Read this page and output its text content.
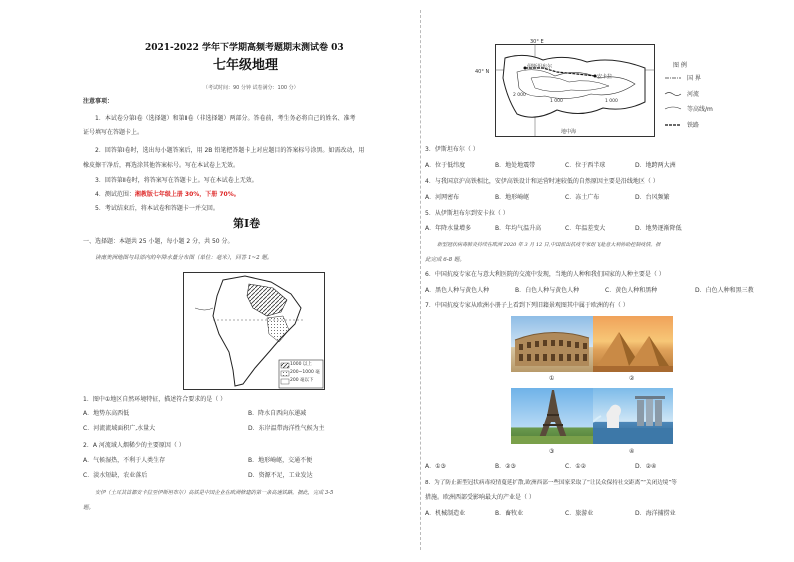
2021-2022 学年下学期高频考题期末测试卷 03
七年级地理
（考试时间：90 分钟 试卷满分：100 分）
注意事项：
1．本试卷分第Ⅰ卷（选择题）和第Ⅱ卷（非选择题）两部分。答卷前，考生务必将自己的姓名、准考
证号填写在答题卡上。
2．回答第Ⅰ卷时，选出每小题答案后，用 2B 铅笔把答题卡上对应题目的答案标号涂黑。如需改动，用
橡皮擦干净后，再选涂其他答案标号。写在本试卷上无效。
3．回答第Ⅱ卷时，将答案写在答题卡上。写在本试卷上无效。
4．测试范围：湘教版七年级上册 30%，下册 70%。
5．考试结束后，将本试卷和答题卡一并交回。
第Ⅰ卷
一、选择题：本题共 25 小题，每小题 2 分，共 50 分。
读南美洲地图与局部内的年降水量分布图（单位：毫米），回答 1~2 题。
1000 以上
200~1000 毫
200 毫以下
1．图中①地区自然环境特征，描述符合要求的是（ ）
A．地势东高西低	B．降水自西向东递减
C．河流流域面积广,水量大	D．东岸温带海洋性气候为主
2．A 河流域人烟稀少的主要原因（ ）
A．气候湿热，不利于人类生存	B．地形崎岖，交通不便
C．淡水短缺，农业落后	D．资源不足，工业发达
安伊（土耳其首都安卡拉至伊斯坦布尔）高铁是中国企业在欧洲修建的第一条高速铁路。据此，完成 3-5
题。
30° E
40° N
伊斯坦布尔
安卡拉
2 000
1 000	1 000
地中海
图 例
国 界
河流
等高线/m
铁路
3．伊斯坦布尔（ ）
A．位于低纬度	B．地处地震带	C．位于西半球	D．地跨两大洲
4．与我国京沪高铁相比，安伊高铁设计和运营时速较低的自然原因主要是沿线地区（ ）
A．河网密布	B．地形崎岖	C．冻土广布	D．台风频繁
5．从伊斯坦布尔到安卡拉（ ）
A．年降水量增多	B．年均气温升高	C．年温差变大	D．地势逐渐降低
新型冠状病毒肺炎持续在欧洲 2020 年 3 月 12 日,中国派出抗疫专家组飞赴意大利协助控制疫情。据
此完成 6-8 题。
6．中国抗疫专家在与意大利医院的交流中发现，当地的人种和我们国家的人种主要是（ ）
A．黑色人种与黄色人种	B．白色人种与黄色人种	C．黄色人种和黑种	D．白色人种和黑三教
7．中国抗疫专家从欧洲小册子上看到下列旧籍景观图其中属于欧洲的有（ ）
①	②
③	④
A．①③	B．②③	C．①②	D．②④
8．为了防止新型冠状病毒疫情蔓延扩散,欧洲西部一些国家采取了“让民众保持社交距离”“关闭边境”等
措施。欧洲西部受影响最大的产业是（ ）
A．机械制造业	B．畜牧业	C．旅游业	D．海洋捕捞业
